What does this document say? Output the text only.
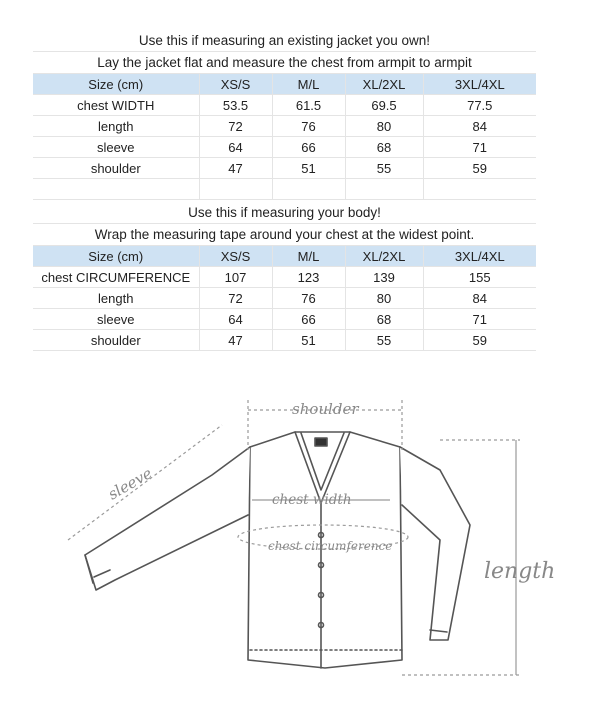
Use this if measuring an existing jacket you own!
Lay the jacket flat and measure the chest from armpit to armpit
Size (cm)	XS/S	M/L	XL/2XL	3XL/4XL
chest WIDTH	53.5	61.5	69.5	77.5
length	72	76	80	84
sleeve	64	66	68	71
shoulder	47	51	55	59

Use this if measuring your body!
Wrap the measuring tape around your chest at the widest point.
Size (cm)	XS/S	M/L	XL/2XL	3XL/4XL
chest CIRCUMFERENCE	107	123	139	155
length	72	76	80	84
sleeve	64	66	68	71
shoulder	47	51	55	59
shoulder
sleeve	chest width
chest circumference
length
